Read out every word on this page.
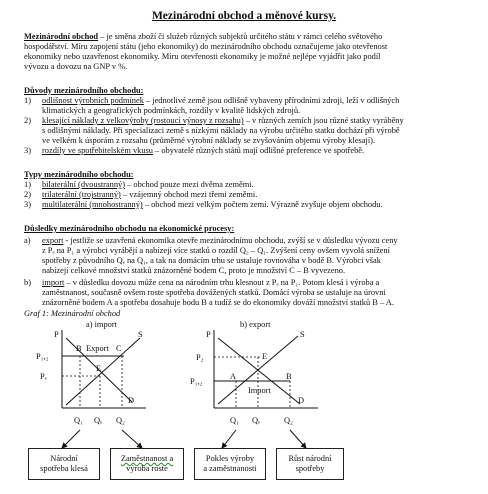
Mezinárodní obchod a měnové kursy.
Mezinárodní obchod – je směna zboží či služeb různých subjektů určitého státu v rámci celého světového
hospodářství. Míru zapojení státu (jeho ekonomiky) do mezinárodního obchodu označujeme jako otevřenost
ekonomiky nebo uzavřenost ekonomiky. Míru otevřenosti ekonomiky je možné nejlépe vyjádřit jako podíl
vývozu a dovozu na GNP v %.
Důvody mezinárodního obchodu:
1) odlišnost výrobních podmínek – jednotlivé země jsou odlišně vybaveny přírodními zdroji, leží v odlišných
klimatických a geografických podmínkách, rozdíly v kvalitě lidských zdrojů.
2) klesající náklady z velkovýroby (rostoucí výnosy z rozsahu) – v různých zemích jsou různé statky vyráběny
s odlišnými náklady. Při specializaci země s nízkými náklady na výrobu určitého statku dochází při výrobě
ve velkém k úsporám z rozsahu (průměrné výrobní náklady se zvyšováním objemu výroby klesají).
3) rozdíly ve spotřebitelském vkusu – obyvatelé různých států mají odlišné preference ve spotřebě.
Typy mezinárodního obchodu:
1) bilaterální (dvoustranný) – obchod pouze mezi dvěma zeměmi.
2) trilaterální (trojstranný) – vzájemný obchod mezi třemi zeměmi.
3) multilaterální (mnohostranný) – obchod mezi velkým počtem zemí. Výrazně zvyšuje objem obchodu.
Důsledky mezinárodního obchodu na ekonomické procesy:
a) export - jestliže se uzavřená ekonomika otevře mezinárodnímu obchodu, zvýší se v důsledku vývozu ceny
z Pₑ na P₁ a výrobci vyrábějí a nabízejí více statků o rozdíl Q₂ – Q₁. Zvýšení ceny ovšem vyvolá snížení
spotřeby z původního Qₑ na Q₁, a tak na domácím trhu se ustaluje rovnováha v bodě B. Výrobci však
nabízejí celkové množství statků znázorněné bodem C, proto je množství C – B vyvezeno.
b) import – v důsledku dovozu může cena na národním trhu klesnout z Pₑ na P₁. Potom klesá i výroba a
zaměstnanost, současně ovšem roste spotřeba dovážených statků. Domácí výroba se ustaluje na úrovni
znázorněné bodem A a spotřeba dosahuje bodu B a tudíž se do ekonomiky dováží množství statků B – A.
Graf 1: Mezinárodní obchod
a) import
P	S
P₁,₂
Pₑ
B Export C
E
D
Q₁ Qₑ Q₂
b) export
P	S
P₂	E
P₁,₂
A	B
Import
D
Q₁ Qₑ	Q₂
Národní
spotřeba klesá
Zaměstnanost a
výroba roste
Pokles výroby
a zaměstnanosti
Růst národní
spotřeby
